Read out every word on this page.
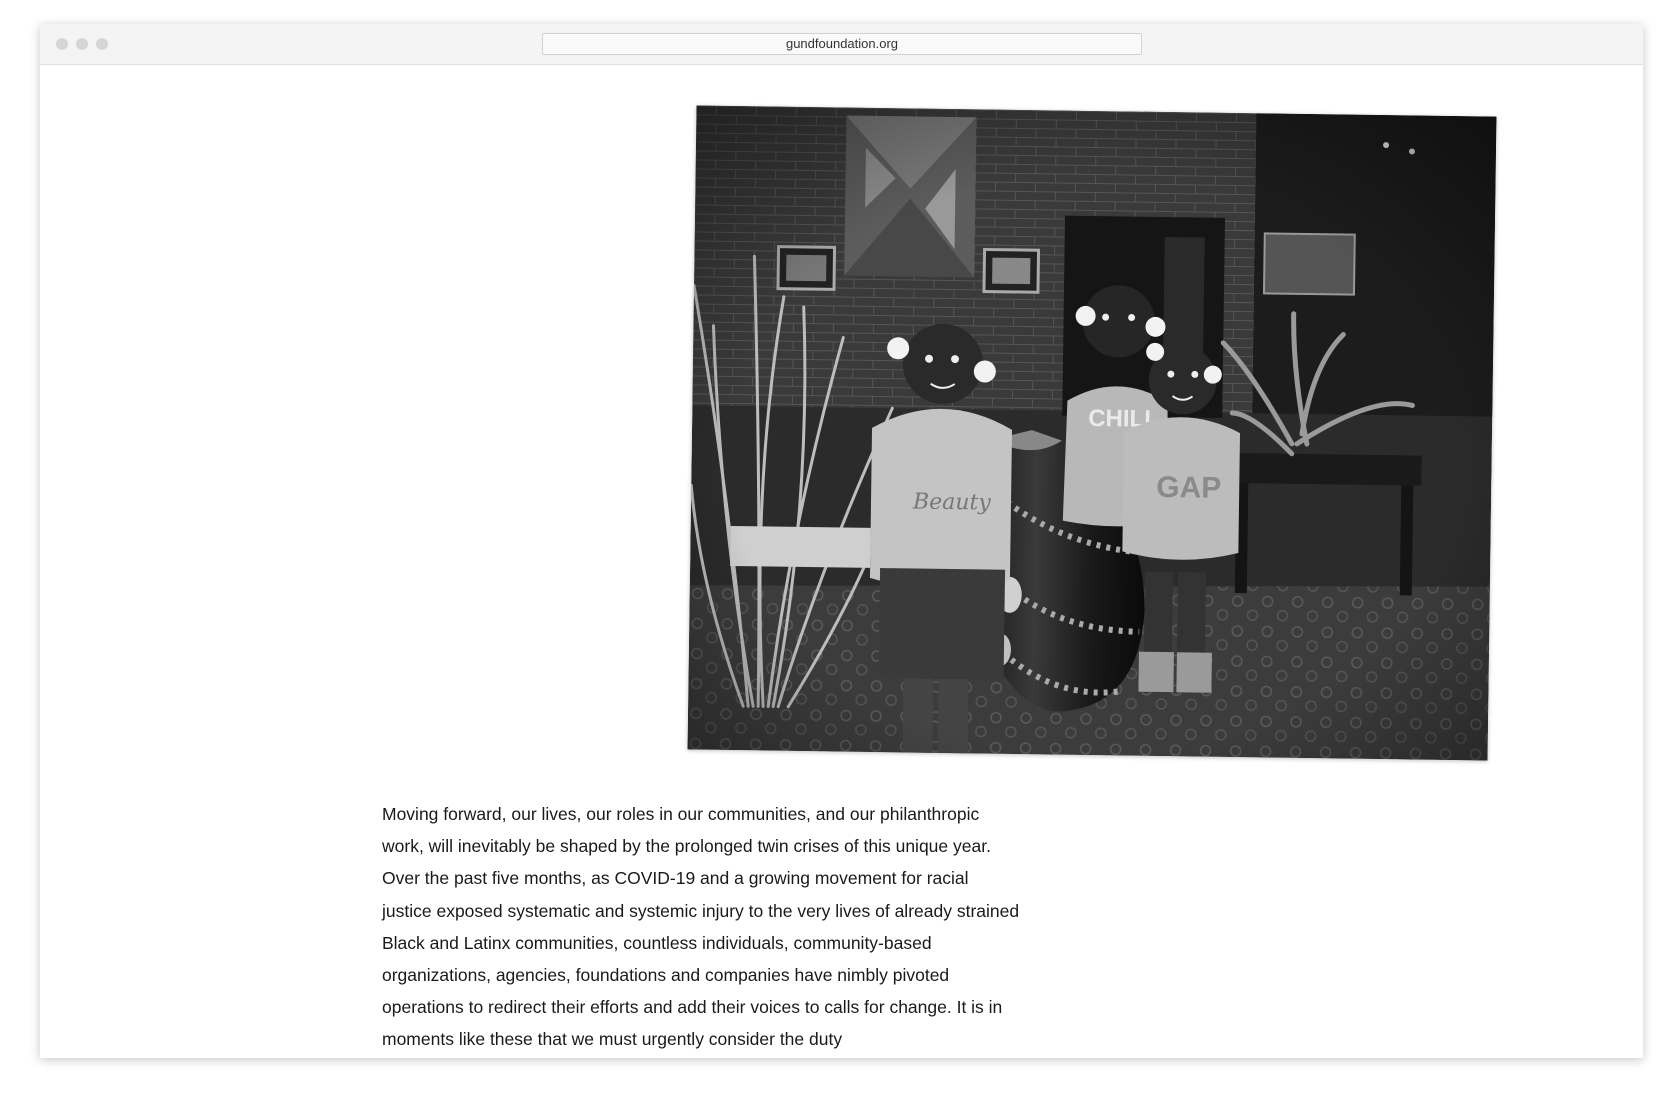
gundfoundation.org

Moving forward, our lives, our roles in our communities, and our philanthropic work, will inevitably be shaped by the prolonged twin crises of this unique year. Over the past five months, as COVID-19 and a growing movement for racial justice exposed systematic and systemic injury to the very lives of already strained Black and Latinx communities, countless individuals, community-based organizations, agencies, foundations and companies have nimbly pivoted operations to redirect their efforts and add their voices to calls for change. It is in moments like these that we must urgently consider the duty
